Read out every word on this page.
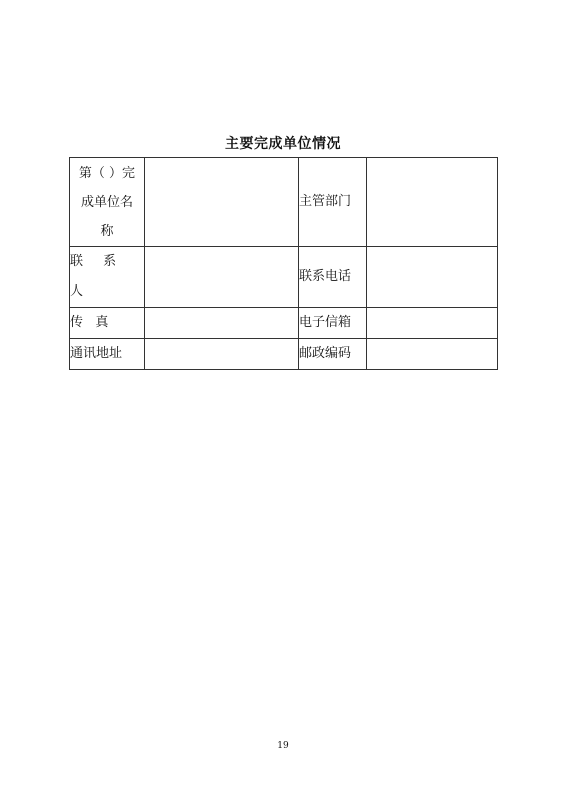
主要完成单位情况
第（ ）完
成单位名
称		主管部门	
联 系 人		联系电话	
传   真		电子信箱	
通讯地址		邮政编码	
19
